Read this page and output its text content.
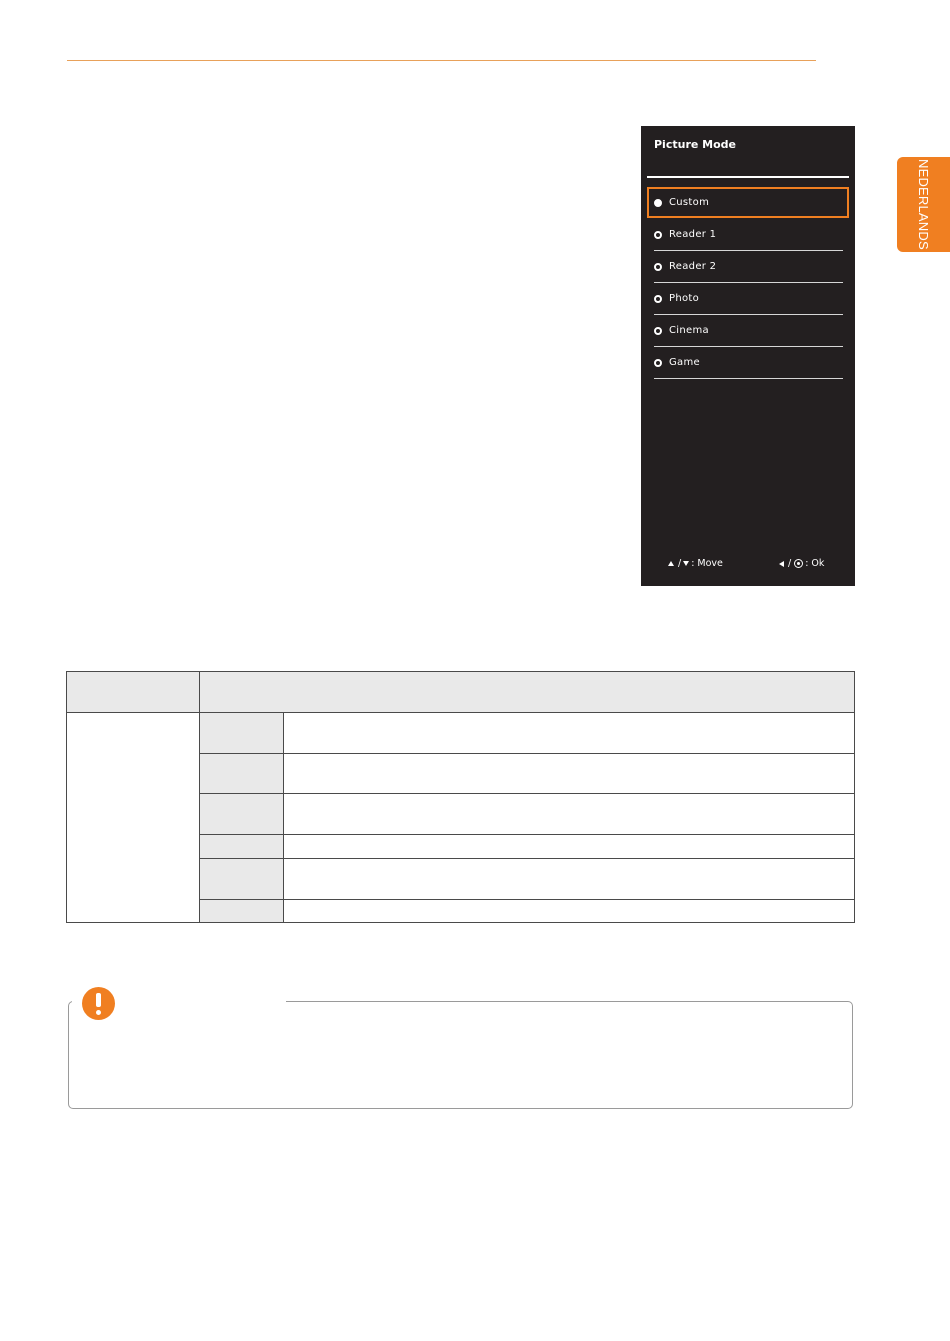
NEDERLANDS
Picture Mode
Custom
Reader 1
Reader 2
Photo
Cinema
Game
/ : Move	/ : Ok
